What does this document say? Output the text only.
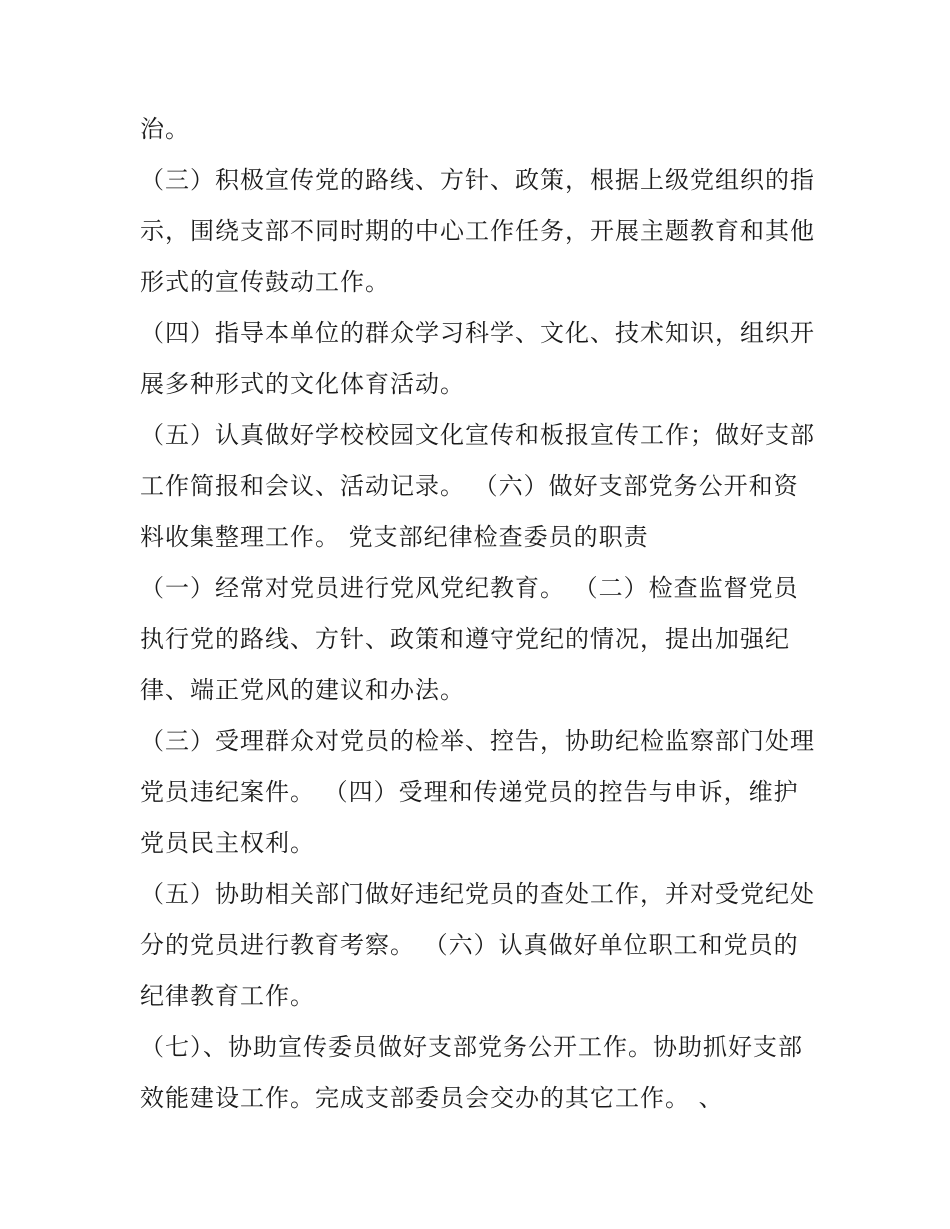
治。
（三）积极宣传党的路线、方针、政策，根据上级党组织的指
示，围绕支部不同时期的中心工作任务，开展主题教育和其他
形式的宣传鼓动工作。
（四）指导本单位的群众学习科学、文化、技术知识，组织开
展多种形式的文化体育活动。
（五）认真做好学校校园文化宣传和板报宣传工作；做好支部
工作简报和会议、活动记录。 （六）做好支部党务公开和资
料收集整理工作。 党支部纪律检查委员的职责
（一）经常对党员进行党风党纪教育。 （二）检查监督党员
执行党的路线、方针、政策和遵守党纪的情况，提出加强纪
律、端正党风的建议和办法。
（三）受理群众对党员的检举、控告，协助纪检监察部门处理
党员违纪案件。 （四）受理和传递党员的控告与申诉，维护
党员民主权利。
（五）协助相关部门做好违纪党员的查处工作，并对受党纪处
分的党员进行教育考察。 （六）认真做好单位职工和党员的
纪律教育工作。
（七）、协助宣传委员做好支部党务公开工作。协助抓好支部
效能建设工作。完成支部委员会交办的其它工作。 、
